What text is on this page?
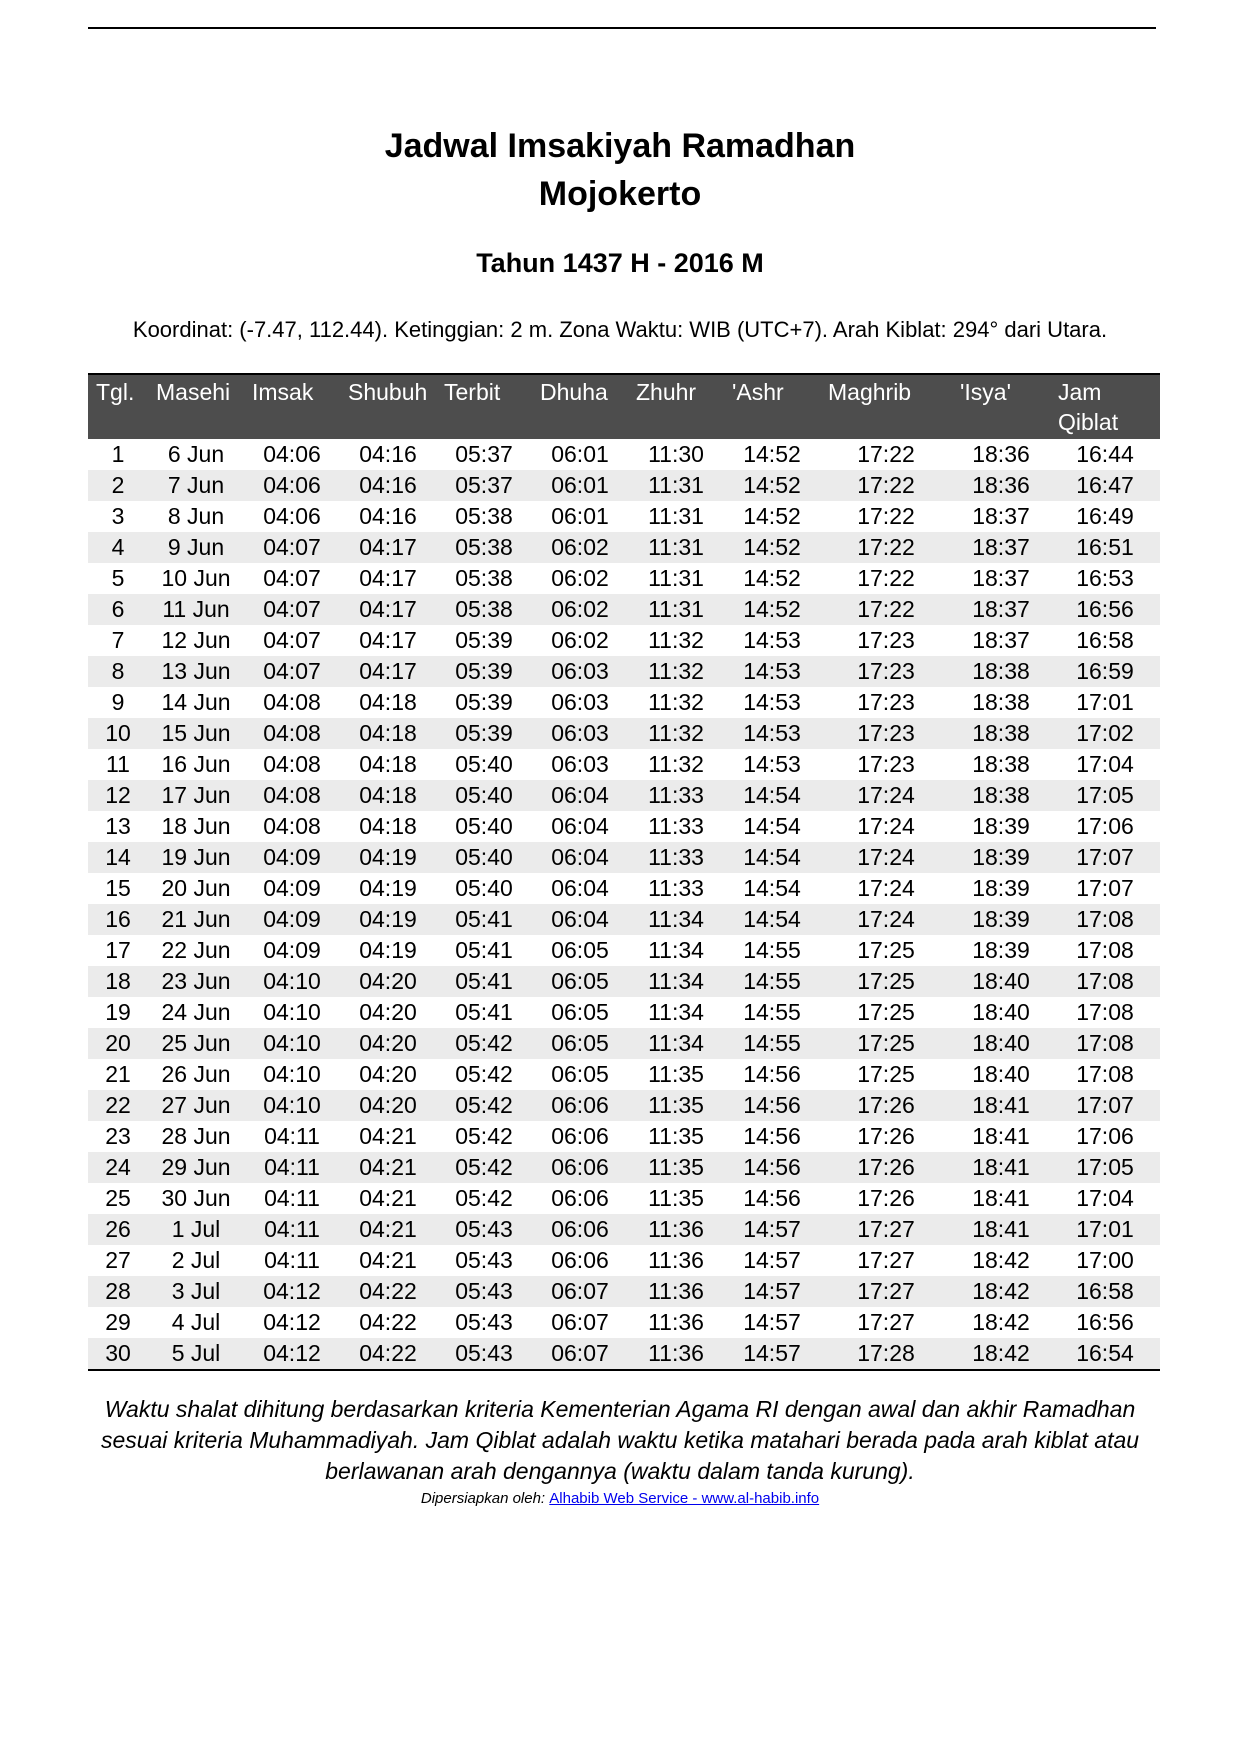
Jadwal Imsakiyah Ramadhan
Mojokerto
Tahun 1437 H - 2016 M
Koordinat: (-7.47, 112.44). Ketinggian: 2 m. Zona Waktu: WIB (UTC+7). Arah Kiblat: 294° dari Utara.
Tgl.	Masehi	Imsak	Shubuh	Terbit	Dhuha	Zhuhr	'Ashr	Maghrib	'Isya'	Jam Qiblat
1	6 Jun	04:06	04:16	05:37	06:01	11:30	14:52	17:22	18:36	16:44
2	7 Jun	04:06	04:16	05:37	06:01	11:31	14:52	17:22	18:36	16:47
3	8 Jun	04:06	04:16	05:38	06:01	11:31	14:52	17:22	18:37	16:49
4	9 Jun	04:07	04:17	05:38	06:02	11:31	14:52	17:22	18:37	16:51
5	10 Jun	04:07	04:17	05:38	06:02	11:31	14:52	17:22	18:37	16:53
6	11 Jun	04:07	04:17	05:38	06:02	11:31	14:52	17:22	18:37	16:56
7	12 Jun	04:07	04:17	05:39	06:02	11:32	14:53	17:23	18:37	16:58
8	13 Jun	04:07	04:17	05:39	06:03	11:32	14:53	17:23	18:38	16:59
9	14 Jun	04:08	04:18	05:39	06:03	11:32	14:53	17:23	18:38	17:01
10	15 Jun	04:08	04:18	05:39	06:03	11:32	14:53	17:23	18:38	17:02
11	16 Jun	04:08	04:18	05:40	06:03	11:32	14:53	17:23	18:38	17:04
12	17 Jun	04:08	04:18	05:40	06:04	11:33	14:54	17:24	18:38	17:05
13	18 Jun	04:08	04:18	05:40	06:04	11:33	14:54	17:24	18:39	17:06
14	19 Jun	04:09	04:19	05:40	06:04	11:33	14:54	17:24	18:39	17:07
15	20 Jun	04:09	04:19	05:40	06:04	11:33	14:54	17:24	18:39	17:07
16	21 Jun	04:09	04:19	05:41	06:04	11:34	14:54	17:24	18:39	17:08
17	22 Jun	04:09	04:19	05:41	06:05	11:34	14:55	17:25	18:39	17:08
18	23 Jun	04:10	04:20	05:41	06:05	11:34	14:55	17:25	18:40	17:08
19	24 Jun	04:10	04:20	05:41	06:05	11:34	14:55	17:25	18:40	17:08
20	25 Jun	04:10	04:20	05:42	06:05	11:34	14:55	17:25	18:40	17:08
21	26 Jun	04:10	04:20	05:42	06:05	11:35	14:56	17:25	18:40	17:08
22	27 Jun	04:10	04:20	05:42	06:06	11:35	14:56	17:26	18:41	17:07
23	28 Jun	04:11	04:21	05:42	06:06	11:35	14:56	17:26	18:41	17:06
24	29 Jun	04:11	04:21	05:42	06:06	11:35	14:56	17:26	18:41	17:05
25	30 Jun	04:11	04:21	05:42	06:06	11:35	14:56	17:26	18:41	17:04
26	1 Jul	04:11	04:21	05:43	06:06	11:36	14:57	17:27	18:41	17:01
27	2 Jul	04:11	04:21	05:43	06:06	11:36	14:57	17:27	18:42	17:00
28	3 Jul	04:12	04:22	05:43	06:07	11:36	14:57	17:27	18:42	16:58
29	4 Jul	04:12	04:22	05:43	06:07	11:36	14:57	17:27	18:42	16:56
30	5 Jul	04:12	04:22	05:43	06:07	11:36	14:57	17:28	18:42	16:54
Waktu shalat dihitung berdasarkan kriteria Kementerian Agama RI dengan awal dan akhir Ramadhan sesuai kriteria Muhammadiyah. Jam Qiblat adalah waktu ketika matahari berada pada arah kiblat atau berlawanan arah dengannya (waktu dalam tanda kurung).
Dipersiapkan oleh: Alhabib Web Service - www.al-habib.info
